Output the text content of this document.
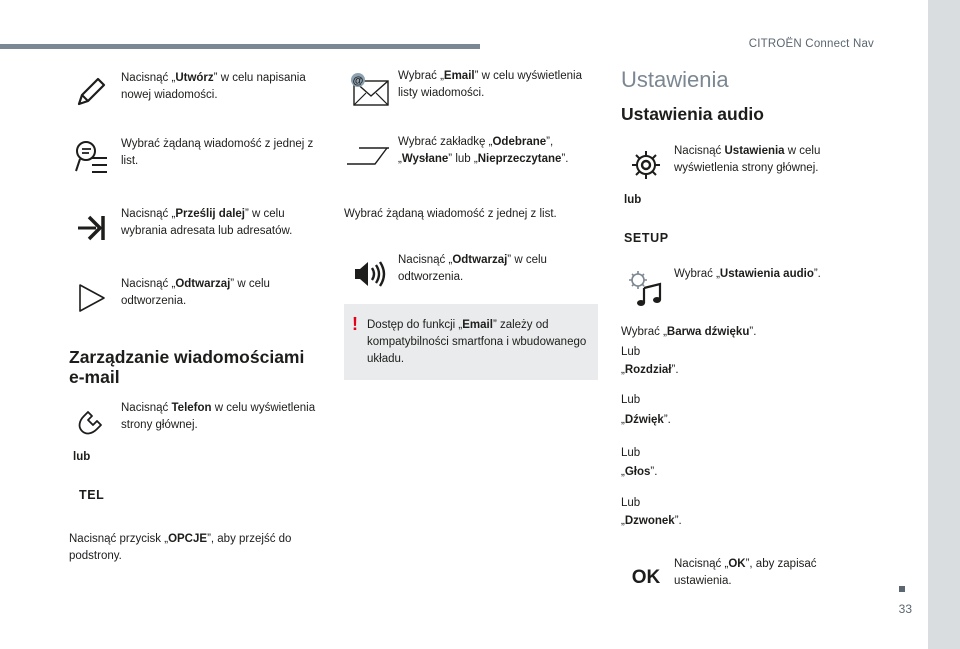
CITROËN Connect Nav
33
Nacisnąć „Utwórz” w celu napisania nowej wiadomości.
Wybrać żądaną wiadomość z jednej z list.
Nacisnąć „Prześlij dalej” w celu wybrania adresata lub adresatów.
Nacisnąć „Odtwarzaj” w celu odtworzenia.
Zarządzanie wiadomościami e-mail
Nacisnąć Telefon w celu wyświetlenia strony głównej.
lub
TEL
Nacisnąć przycisk „OPCJE”, aby przejść do podstrony.
@	Wybrać „Email” w celu wyświetlenia listy wiadomości.
Wybrać zakładkę „Odebrane”, „Wysłane” lub „Nieprzeczytane”.
Wybrać żądaną wiadomość z jednej z list.
Nacisnąć „Odtwarzaj” w celu odtworzenia.
! Dostęp do funkcji „Email” zależy od kompatybilności smartfona i wbudowanego układu.
Ustawienia
Ustawienia audio
Nacisnąć Ustawienia w celu wyświetlenia strony głównej.
lub
SETUP
Wybrać „Ustawienia audio”.
Wybrać „Barwa dźwięku”.
Lub
„Rozdział”.
Lub
„Dźwięk”.
Lub
„Głos”.
Lub
„Dzwonek”.
OK
Nacisnąć „OK”, aby zapisać ustawienia.
